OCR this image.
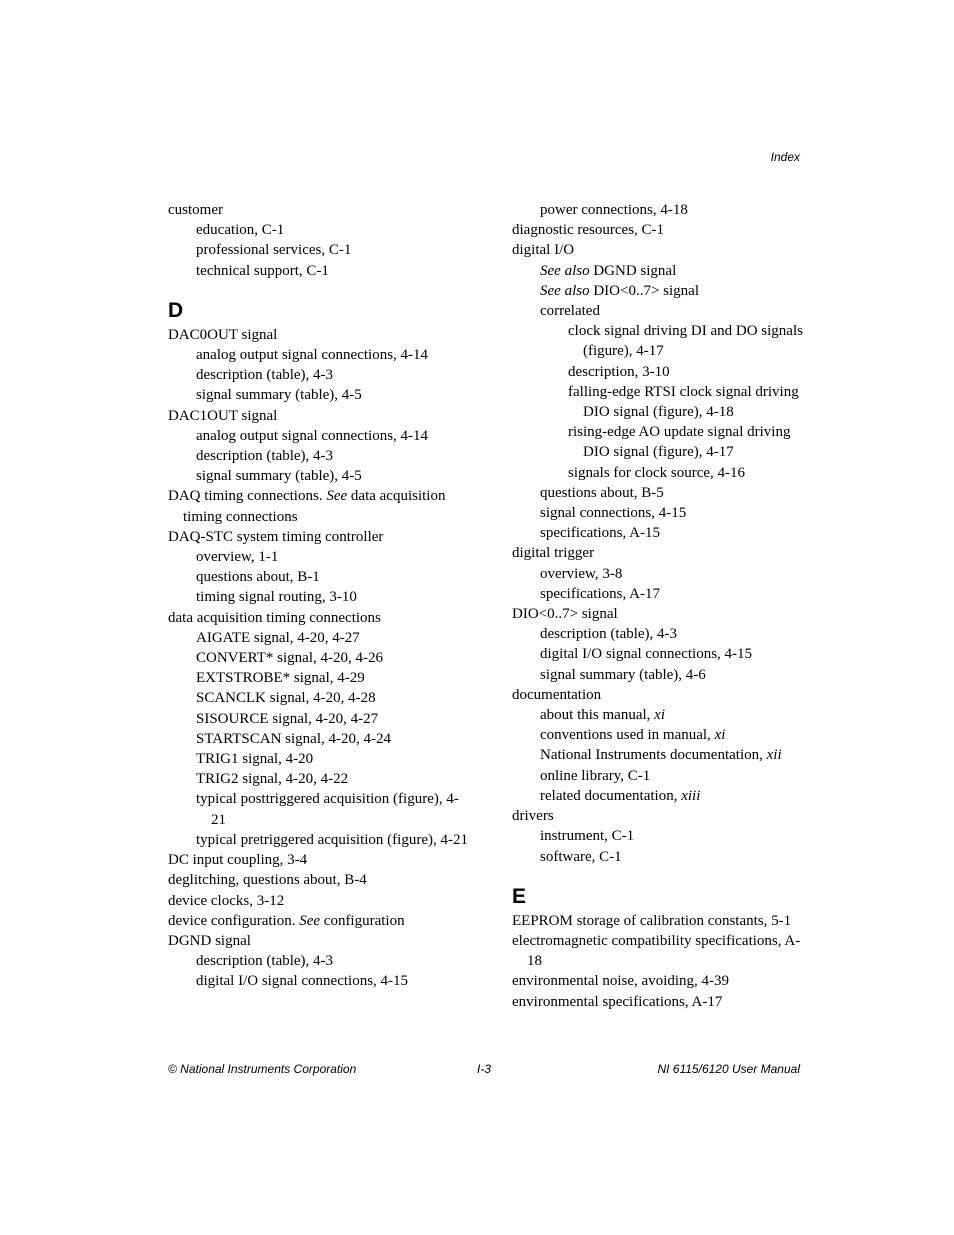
Index
customer
education, C-1
professional services, C-1
technical support, C-1
D
DAC0OUT signal
analog output signal connections, 4-14
description (table), 4-3
signal summary (table), 4-5
DAC1OUT signal
analog output signal connections, 4-14
description (table), 4-3
signal summary (table), 4-5
DAQ timing connections. See data acquisition timing connections
DAQ-STC system timing controller
overview, 1-1
questions about, B-1
timing signal routing, 3-10
data acquisition timing connections
AIGATE signal, 4-20, 4-27
CONVERT* signal, 4-20, 4-26
EXTSTROBE* signal, 4-29
SCANCLK signal, 4-20, 4-28
SISOURCE signal, 4-20, 4-27
STARTSCAN signal, 4-20, 4-24
TRIG1 signal, 4-20
TRIG2 signal, 4-20, 4-22
typical posttriggered acquisition (figure), 4-21
typical pretriggered acquisition (figure), 4-21
DC input coupling, 3-4
deglitching, questions about, B-4
device clocks, 3-12
device configuration. See configuration
DGND signal
description (table), 4-3
digital I/O signal connections, 4-15
power connections, 4-18
diagnostic resources, C-1
digital I/O
See also DGND signal
See also DIO<0..7> signal
correlated
clock signal driving DI and DO signals (figure), 4-17
description, 3-10
falling-edge RTSI clock signal driving DIO signal (figure), 4-18
rising-edge AO update signal driving DIO signal (figure), 4-17
signals for clock source, 4-16
questions about, B-5
signal connections, 4-15
specifications, A-15
digital trigger
overview, 3-8
specifications, A-17
DIO<0..7> signal
description (table), 4-3
digital I/O signal connections, 4-15
signal summary (table), 4-6
documentation
about this manual, xi
conventions used in manual, xi
National Instruments documentation, xii
online library, C-1
related documentation, xiii
drivers
instrument, C-1
software, C-1
E
EEPROM storage of calibration constants, 5-1
electromagnetic compatibility specifications, A-18
environmental noise, avoiding, 4-39
environmental specifications, A-17
© National Instruments Corporation	I-3	NI 6115/6120 User Manual
